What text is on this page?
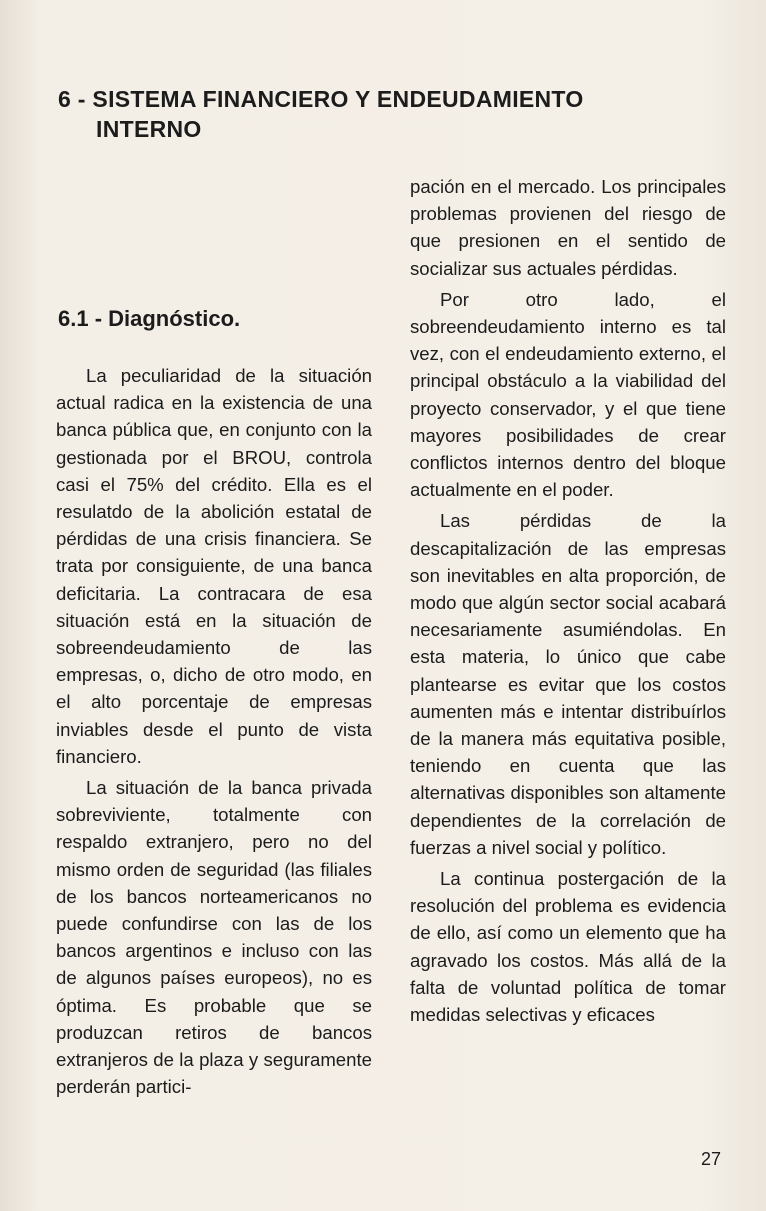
6 - SISTEMA FINANCIERO Y ENDEUDAMIENTO
INTERNO
6.1 - Diagnóstico.

La peculiaridad de la situación actual radica en la existencia de una banca pública que, en conjunto con la gestionada por el BROU, controla casi el 75% del crédito. Ella es el resulatdo de la abolición estatal de pérdidas de una crisis financiera. Se trata por consiguiente, de una banca deficitaria. La contracara de esa situación está en la situación de sobreendeudamiento de las empresas, o, dicho de otro modo, en el alto porcentaje de empresas inviables desde el punto de vista financiero.

La situación de la banca privada sobreviviente, totalmente con respaldo extranjero, pero no del mismo orden de seguridad (las filiales de los bancos norteamericanos no puede confundirse con las de los bancos argentinos e incluso con las de algunos países europeos), no es óptima. Es probable que se produzcan retiros de bancos extranjeros de la plaza y seguramente perderán partici-

pación en el mercado. Los principales problemas provienen del riesgo de que presionen en el sentido de socializar sus actuales pérdidas.

Por otro lado, el sobreendeudamiento interno es tal vez, con el endeudamiento externo, el principal obstáculo a la viabilidad del proyecto conservador, y el que tiene mayores posibilidades de crear conflictos internos dentro del bloque actualmente en el poder.

Las pérdidas de la descapitalización de las empresas son inevitables en alta proporción, de modo que algún sector social acabará necesariamente asumiéndolas. En esta materia, lo único que cabe plantearse es evitar que los costos aumenten más e intentar distribuírlos de la manera más equitativa posible, teniendo en cuenta que las alternativas disponibles son altamente dependientes de la correlación de fuerzas a nivel social y político.

La continua postergación de la resolución del problema es evidencia de ello, así como un elemento que ha agravado los costos. Más allá de la falta de voluntad política de tomar medidas selectivas y eficaces

27
